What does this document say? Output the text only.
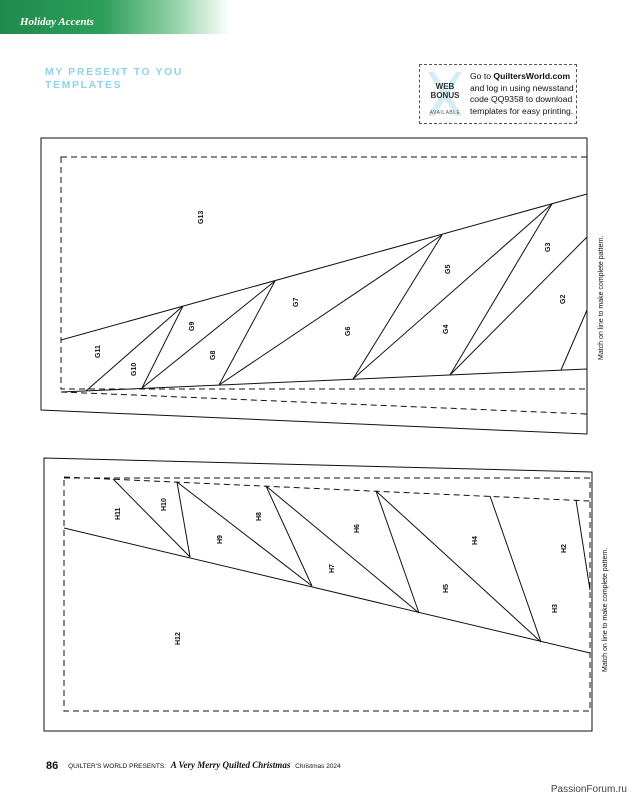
Holiday Accents
MY PRESENT TO YOU
TEMPLATES	WEB
BONUS
AVAILABLE
Go to QuiltersWorld.com and log in using newsstand code QQ9358 to download templates for easy printing.
G13
G11
G10
G9
G8
G7
G6
G5
G4
G3
G2	Match on line to make complete pattern.
H11
H10
H9
H8
H7
H6
H5
H4
H3
H2
H12	Match on line to make complete pattern.
86 QUILTER'S WORLD PRESENTS: A Very Merry Quilted Christmas Christmas 2024
PassionForum.ru
